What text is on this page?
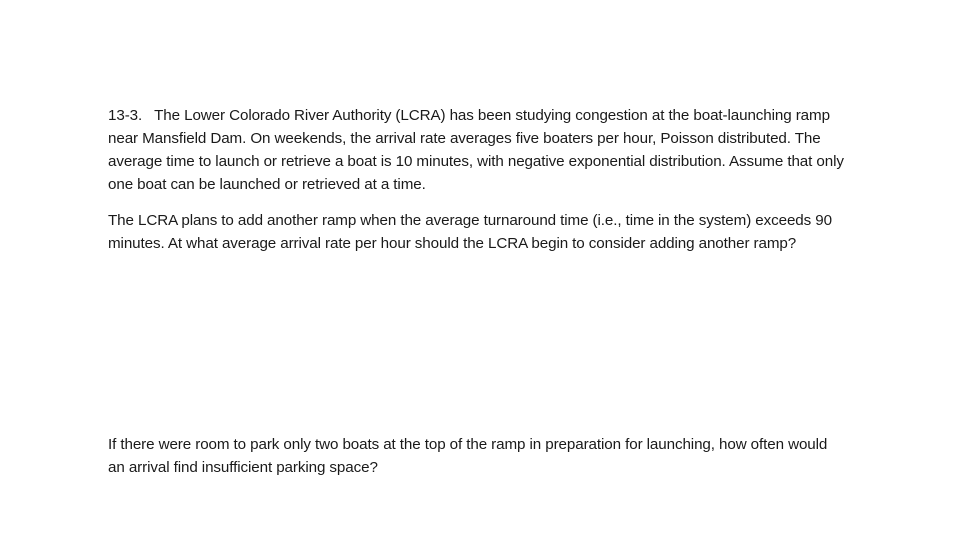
13-3. The Lower Colorado River Authority (LCRA) has been studying congestion at the boat-launching ramp near Mansfield Dam. On weekends, the arrival rate averages five boaters per hour, Poisson distributed. The average time to launch or retrieve a boat is 10 minutes, with negative exponential distribution. Assume that only one boat can be launched or retrieved at a time.

The LCRA plans to add another ramp when the average turnaround time (i.e., time in the system) exceeds 90 minutes. At what average arrival rate per hour should the LCRA begin to consider adding another ramp?

If there were room to park only two boats at the top of the ramp in preparation for launching, how often would an arrival find insufficient parking space?
